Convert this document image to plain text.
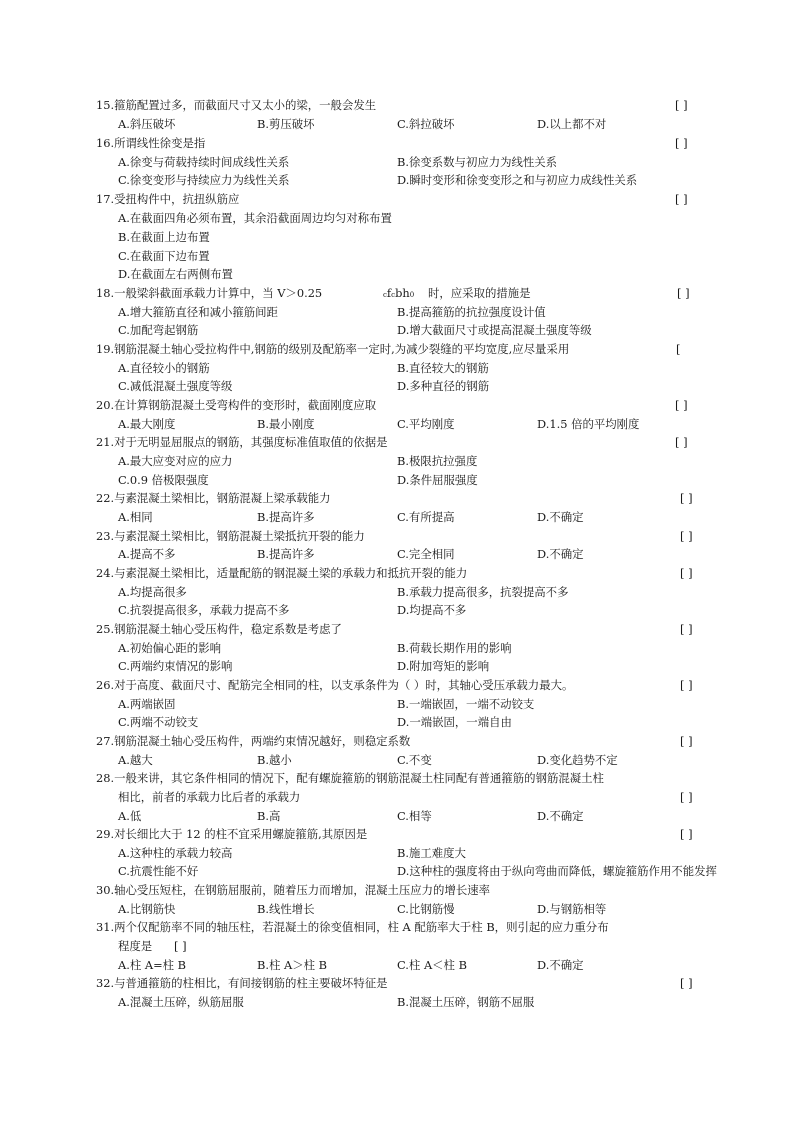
15.箍筋配置过多，而截面尺寸又太小的梁，一般会发生	[ ]
A.斜压破坏	B.剪压破坏	C.斜拉破坏	D.以上都不对
16.所谓线性徐变是指	[ ]
A.徐变与荷载持续时间成线性关系	B.徐变系数与初应力为线性关系
C.徐变变形与持续应力为线性关系	D.瞬时变形和徐变变形之和与初应力成线性关系
17.受扭构件中，抗扭纵筋应	[ ]
A.在截面四角必须布置，其余沿截面周边均匀对称布置
B.在截面上边布置
C.在截面下边布置
D.在截面左右两侧布置
18.一般梁斜截面承载力计算中，当 V＞0.25	cfcbh0 时，应采取的措施是	[ ]
A.增大箍筋直径和减小箍筋间距	B.提高箍筋的抗拉强度设计值
C.加配弯起钢筋	D.增大截面尺寸或提高混凝土强度等级
19.钢筋混凝土轴心受拉构件中,钢筋的级别及配筋率一定时,为减少裂缝的平均宽度,应尽量采用	[
A.直径较小的钢筋	B.直径较大的钢筋
C.减低混凝土强度等级	D.多种直径的钢筋
20.在计算钢筋混凝土受弯构件的变形时，截面刚度应取	[ ]
A.最大刚度	B.最小刚度	C.平均刚度	D.1.5 倍的平均刚度
21.对于无明显屈服点的钢筋，其强度标准值取值的依据是	[ ]
A.最大应变对应的应力	B.极限抗拉强度
C.0.9 倍极限强度	D.条件屈服强度
22.与素混凝土梁相比，钢筋混凝上梁承载能力	[ ]
A.相同	B.提高许多	C.有所提高	D.不确定
23.与素混凝土梁相比，钢筋混凝土梁抵抗开裂的能力	[ ]
A.提高不多	B.提高许多	C.完全相同	D.不确定
24.与素混凝土梁相比，适量配筋的钢混凝土梁的承载力和抵抗开裂的能力	[ ]
A.均提高很多	B.承载力提高很多，抗裂提高不多
C.抗裂提高很多，承载力提高不多	D.均提高不多
25.钢筋混凝土轴心受压构件，稳定系数是考虑了	[ ]
A.初始偏心距的影响	B.荷载长期作用的影响
C.两端约束情况的影响	D.附加弯矩的影响
26.对于高度、截面尺寸、配筋完全相同的柱，以支承条件为（ ）时，其轴心受压承载力最大。	[ ]
A.两端嵌固	B.一端嵌固，一端不动铰支
C.两端不动铰支	D.一端嵌固，一端自由
27.钢筋混凝土轴心受压构件，两端约束情况越好，则稳定系数	[ ]
A.越大	B.越小	C.不变	D.变化趋势不定
28.一般来讲，其它条件相同的情况下，配有螺旋箍筋的钢筋混凝土柱同配有普通箍筋的钢筋混凝土柱
相比，前者的承载力比后者的承载力	[ ]
A.低	B.高	C.相等	D.不确定
29.对长细比大于 12 的柱不宜采用螺旋箍筋,其原因是	[ ]
A.这种柱的承载力较高	B.施工难度大
C.抗震性能不好	D.这种柱的强度将由于纵向弯曲而降低，螺旋箍筋作用不能发挥
30.轴心受压短柱，在钢筋屈服前，随着压力而增加，混凝土压应力的增长速率
A.比钢筋快	B.线性增长	C.比钢筋慢	D.与钢筋相等
31.两个仅配筋率不同的轴压柱，若混凝土的徐变值相同，柱 A 配筋率大于柱 B，则引起的应力重分布
程度是 [ ]
A.柱 A=柱 B	B.柱 A＞柱 B	C.柱 A＜柱 B	D.不确定
32.与普通箍筋的柱相比，有间接钢筋的柱主要破坏特征是	[ ]
A.混凝土压碎，纵筋屈服	B.混凝土压碎，钢筋不屈服
